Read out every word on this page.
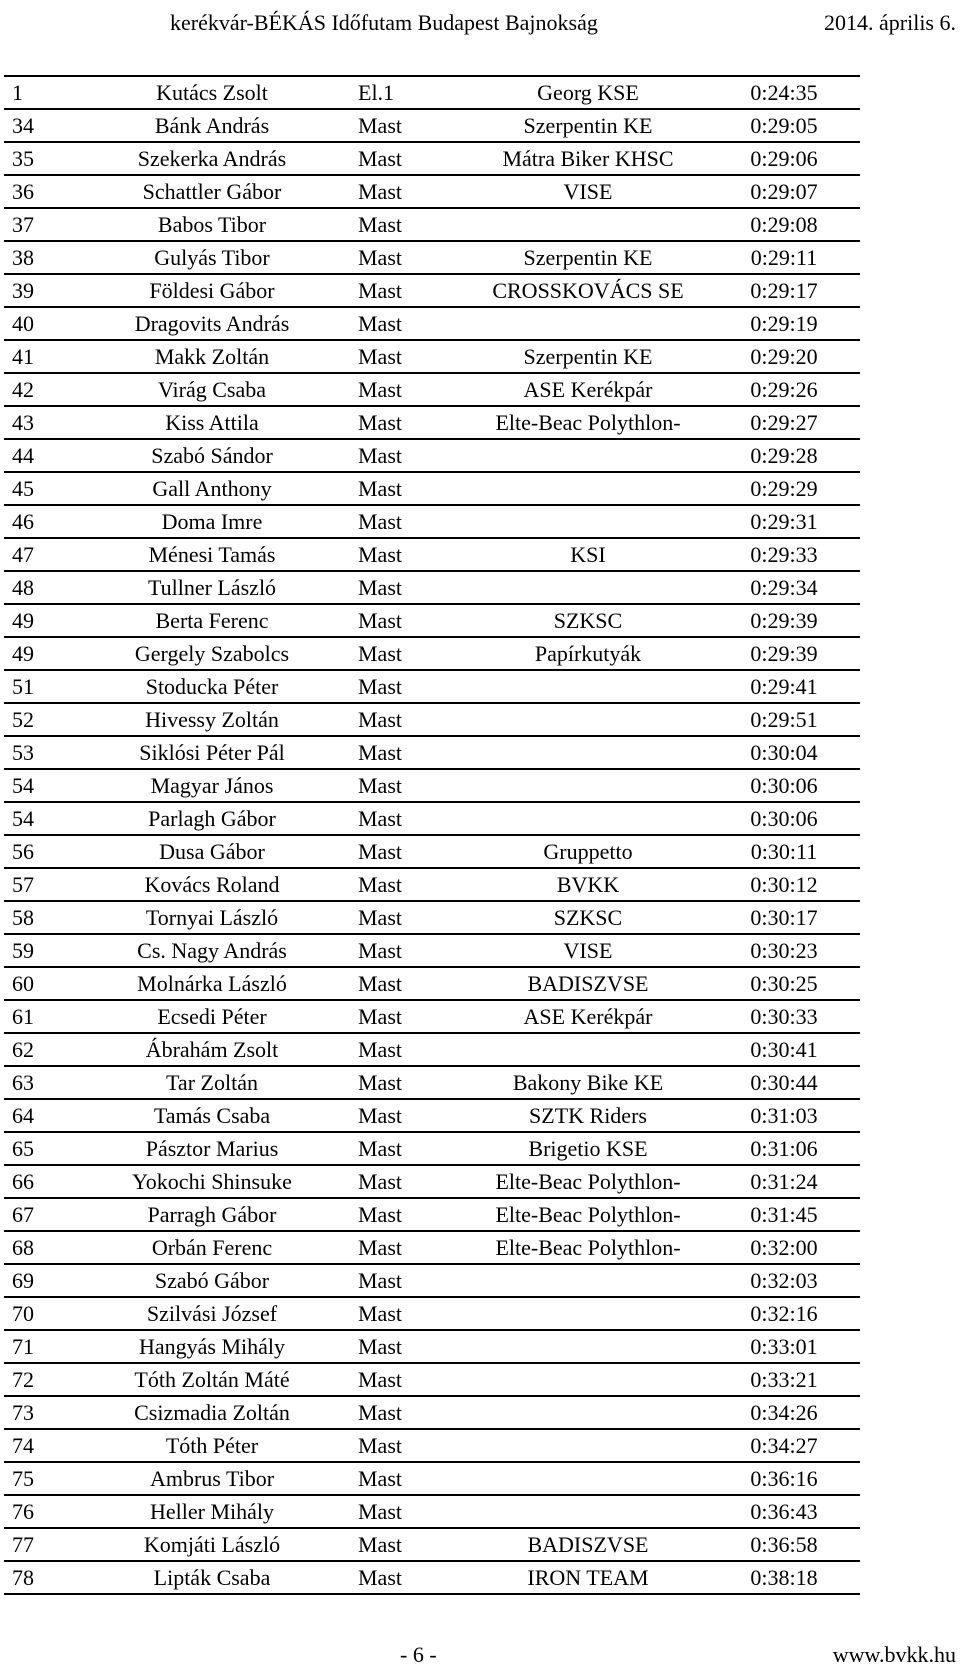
kerékvár-BÉKÁS Időfutam Budapest Bajnokság	2014. április 6.
1	Kutács Zsolt	El.1	Georg KSE	0:24:35
34	Bánk András	Mast	Szerpentin KE	0:29:05
35	Szekerka András	Mast	Mátra Biker KHSC	0:29:06
36	Schattler Gábor	Mast	VISE	0:29:07
37	Babos Tibor	Mast		0:29:08
38	Gulyás Tibor	Mast	Szerpentin KE	0:29:11
39	Földesi Gábor	Mast	CROSSKOVÁCS SE	0:29:17
40	Dragovits András	Mast		0:29:19
41	Makk Zoltán	Mast	Szerpentin KE	0:29:20
42	Virág Csaba	Mast	ASE Kerékpár	0:29:26
43	Kiss Attila	Mast	Elte-Beac Polythlon-	0:29:27
44	Szabó Sándor	Mast		0:29:28
45	Gall Anthony	Mast		0:29:29
46	Doma Imre	Mast		0:29:31
47	Ménesi Tamás	Mast	KSI	0:29:33
48	Tullner László	Mast		0:29:34
49	Berta Ferenc	Mast	SZKSC	0:29:39
49	Gergely Szabolcs	Mast	Papírkutyák	0:29:39
51	Stoducka Péter	Mast		0:29:41
52	Hivessy Zoltán	Mast		0:29:51
53	Siklósi Péter Pál	Mast		0:30:04
54	Magyar János	Mast		0:30:06
54	Parlagh Gábor	Mast		0:30:06
56	Dusa Gábor	Mast	Gruppetto	0:30:11
57	Kovács Roland	Mast	BVKK	0:30:12
58	Tornyai László	Mast	SZKSC	0:30:17
59	Cs. Nagy András	Mast	VISE	0:30:23
60	Molnárka László	Mast	BADISZVSE	0:30:25
61	Ecsedi Péter	Mast	ASE Kerékpár	0:30:33
62	Ábrahám Zsolt	Mast		0:30:41
63	Tar Zoltán	Mast	Bakony Bike KE	0:30:44
64	Tamás Csaba	Mast	SZTK Riders	0:31:03
65	Pásztor Marius	Mast	Brigetio KSE	0:31:06
66	Yokochi Shinsuke	Mast	Elte-Beac Polythlon-	0:31:24
67	Parragh Gábor	Mast	Elte-Beac Polythlon-	0:31:45
68	Orbán Ferenc	Mast	Elte-Beac Polythlon-	0:32:00
69	Szabó Gábor	Mast		0:32:03
70	Szilvási József	Mast		0:32:16
71	Hangyás Mihály	Mast		0:33:01
72	Tóth Zoltán Máté	Mast		0:33:21
73	Csizmadia Zoltán	Mast		0:34:26
74	Tóth Péter	Mast		0:34:27
75	Ambrus Tibor	Mast		0:36:16
76	Heller Mihály	Mast		0:36:43
77	Komjáti László	Mast	BADISZVSE	0:36:58
78	Lipták Csaba	Mast	IRON TEAM	0:38:18
- 6 -	www.bvkk.hu
